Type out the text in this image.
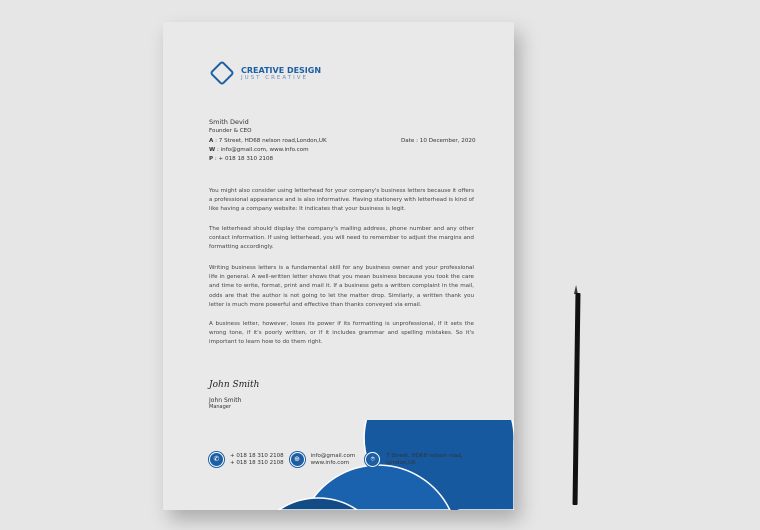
CREATIVE DESIGN
JUST CREATIVE
Smith Devid
Founder & CEO
A : 7 Street, HD68 nelson road,London,UK
W : info@gmail.com, www.info.com
P : + 018 18 310 2108
Date : 10 December, 2020

You might also consider using letterhead for your company's business letters because it offers a professional appearance and is also informative. Having stationery with letterhead is kind of like having a company website: It indicates that your business is legit.

The letterhead should display the company's mailing address, phone number and any other contact information. If using letterhead, you will need to remember to adjust the margins and formatting accordingly.

Writing business letters is a fundamental skill for any business owner and your professional life in general. A well-written letter shows that you mean business because you took the care and time to write, format, print and mail it. If a business gets a written complaint in the mail, odds are that the author is not going to let the matter drop. Similarly, a written thank you letter is much more powerful and effective than thanks conveyed via email.

A business letter, however, loses its power if its formatting is unprofessional, if it sets the wrong tone, if it's poorly written, or if it includes grammar and spelling mistakes. So it's important to learn how to do them right.

John Smith
John Smith
Manager
✆	+ 018 18 310 2108
+ 018 18 310 2108	⊕	info@gmail.com
www.info.com	⌾	7 Street, HD68 nelson road,
London,UK
